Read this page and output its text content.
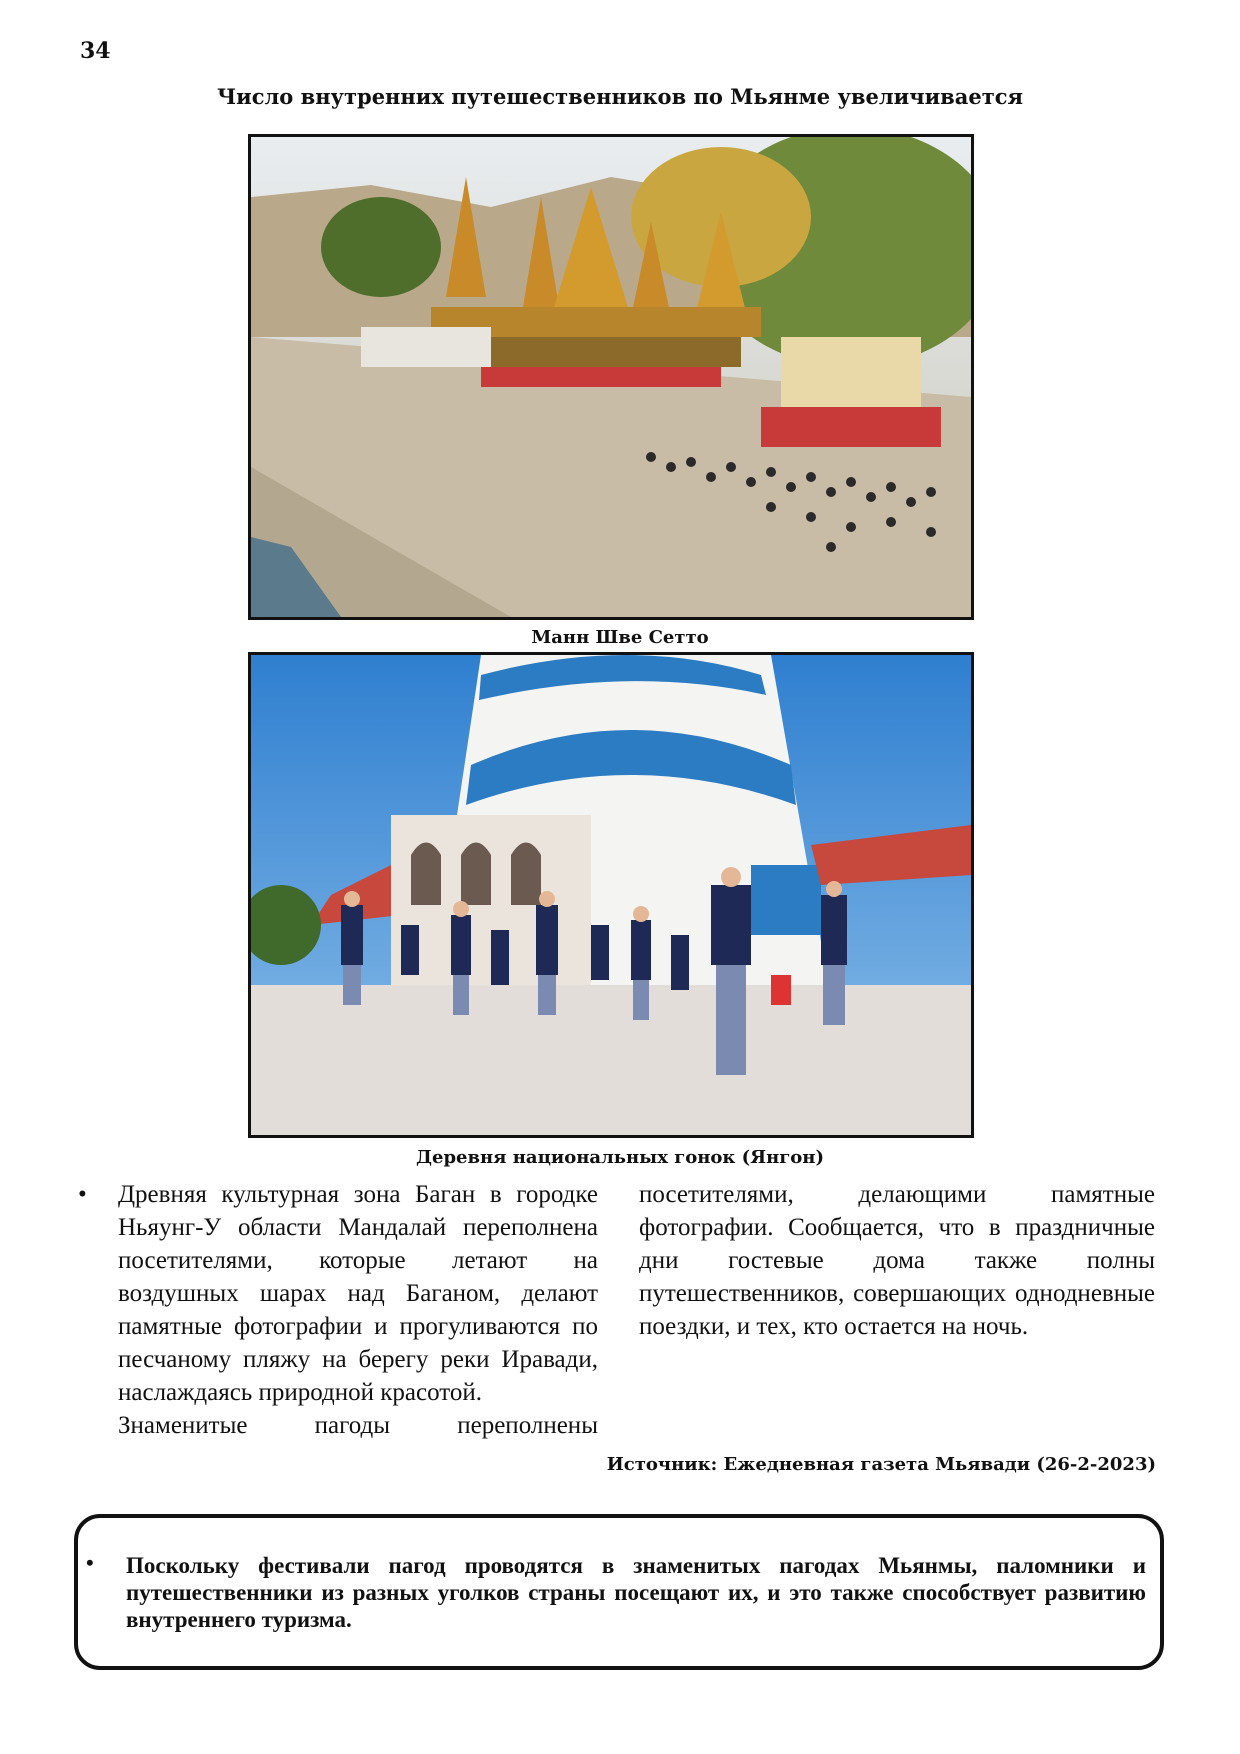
34
Число внутренних путешественников по Мьянме увеличивается
Манн Шве Сетто
Деревня национальных гонок (Янгон)
• Древняя культурная зона Баган в городке Ньяунг-У области Мандалай переполнена посетителями, которые летают на воздушных шарах над Баганом, делают памятные фотографии и прогуливаются по песчаному пляжу на берегу реки Иравади, наслаждаясь природной красотой.
Знаменитые пагоды переполнены
посетителями, делающими памятные фотографии. Сообщается, что в праздничные дни гостевые дома также полны путешественников, совершающих однодневные поездки, и тех, кто остается на ночь.
Источник: Ежедневная газета Мьявади (26-2-2023)
• Поскольку фестивали пагод проводятся в знаменитых пагодах Мьянмы, паломники и путешественники из разных уголков страны посещают их, и это также способствует развитию внутреннего туризма.
